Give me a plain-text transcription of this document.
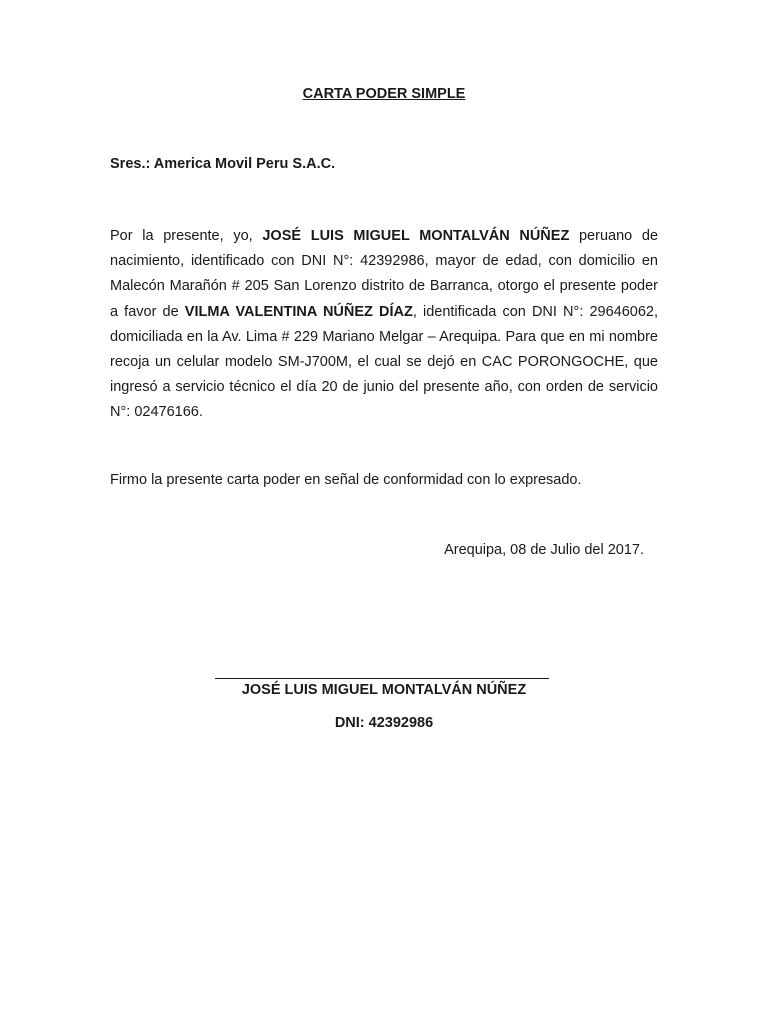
CARTA PODER SIMPLE
Sres.: America Movil Peru S.A.C.
Por la presente, yo, JOSÉ LUIS MIGUEL MONTALVÁN NÚÑEZ peruano de nacimiento, identificado con DNI N°: 42392986, mayor de edad, con domicilio en Malecón Marañón # 205 San Lorenzo distrito de Barranca, otorgo el presente poder a favor de VILMA VALENTINA NÚÑEZ DÍAZ, identificada con DNI N°: 29646062, domiciliada en la Av. Lima # 229 Mariano Melgar – Arequipa. Para que en mi nombre recoja un celular modelo SM-J700M, el cual se dejó en CAC PORONGOCHE, que ingresó a servicio técnico el día 20 de junio del presente año, con orden de servicio N°: 02476166.
Firmo la presente carta poder en señal de conformidad con lo expresado.
Arequipa, 08 de Julio del 2017.
JOSÉ LUIS MIGUEL MONTALVÁN NÚÑEZ
DNI: 42392986
